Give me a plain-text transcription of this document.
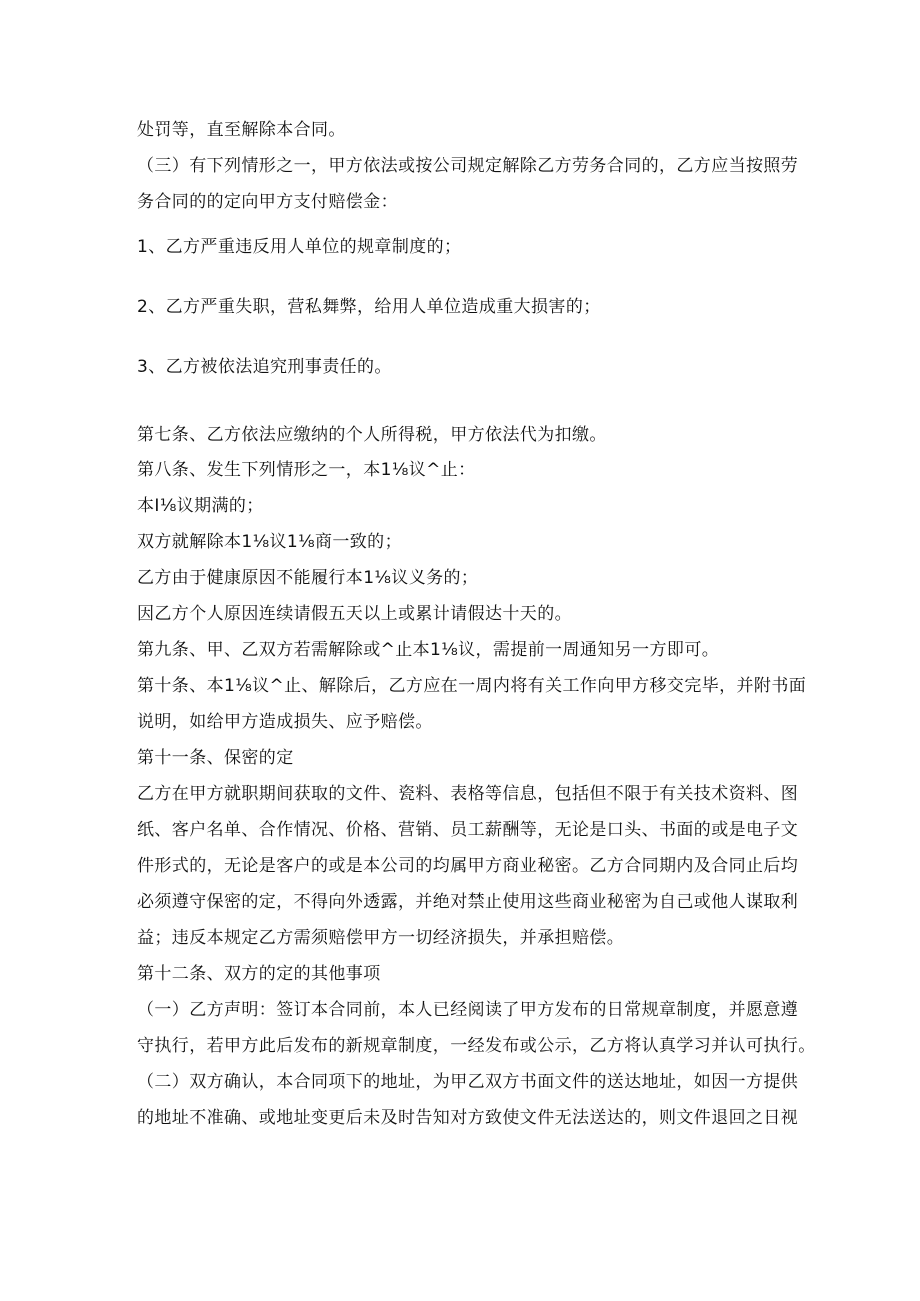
处罚等，直至解除本合同。
（三）有下列情形之一，甲方依法或按公司规定解除乙方劳务合同的，乙方应当按照劳
务合同的的定向甲方支付赔偿金：
1、乙方严重违反用人单位的规章制度的；
2、乙方严重失职，营私舞弊，给用人单位造成重大损害的；
3、乙方被依法追究刑事责任的。
第七条、乙方依法应缴纳的个人所得税，甲方依法代为扣缴。
第八条、发生下列情形之一，本1⅛议^止：
本I⅛议期满的；
双方就解除本1⅛议1⅛商一致的；
乙方由于健康原因不能履行本1⅛议义务的；
因乙方个人原因连续请假五天以上或累计请假达十天的。
第九条、甲、乙双方若需解除或^止本1⅛议，需提前一周通知另一方即可。
第十条、本1⅛议^止、解除后，乙方应在一周内将有关工作向甲方移交完毕，并附书面
说明，如给甲方造成损失、应予赔偿。
第十一条、保密的定
乙方在甲方就职期间获取的文件、瓷料、表格等信息，包括但不限于有关技术资料、图
纸、客户名单、合作情况、价格、营销、员工薪酬等，无论是口头、书面的或是电子文
件形式的，无论是客户的或是本公司的均属甲方商业秘密。乙方合同期内及合同止后均
必须遵守保密的定，不得向外透露，并绝对禁止使用这些商业秘密为自己或他人谋取利
益；违反本规定乙方需须赔偿甲方一切经济损失，并承担赔偿。
第十二条、双方的定的其他事项
（一）乙方声明：签订本合同前，本人已经阅读了甲方发布的日常规章制度，并愿意遵
守执行，若甲方此后发布的新规章制度，一经发布或公示，乙方将认真学习并认可执行。
（二）双方确认，本合同项下的地址，为甲乙双方书面文件的送达地址，如因一方提供
的地址不准确、或地址变更后未及时告知对方致使文件无法送达的，则文件退回之日视
